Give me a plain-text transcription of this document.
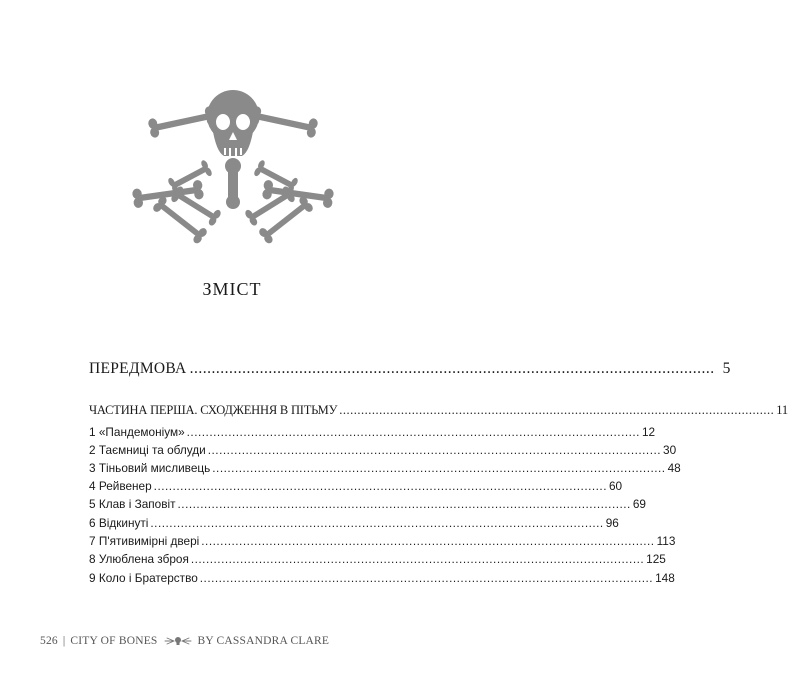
ЗМІСТ
ПЕРЕДМОВА ........................................................................................................................ 5
ЧАСТИНА ПЕРША. СХОДЖЕННЯ В ПІТЬМУ ........................................................................................................................ 11
1 «Пандемоніум» ........................................................................................................................ 12
2 Таємниці та облуди ........................................................................................................................ 30
3 Тіньовий мисливець ........................................................................................................................ 48
4 Рейвенер ........................................................................................................................ 60
5 Клав і Заповіт ........................................................................................................................ 69
6 Відкинуті ........................................................................................................................ 96
7 П'ятивимірні двері ........................................................................................................................ 113
8 Улюблена зброя ........................................................................................................................ 125
9 Коло і Братерство ........................................................................................................................ 148
526 | CITY OF BONES	BY CASSANDRA CLARE
